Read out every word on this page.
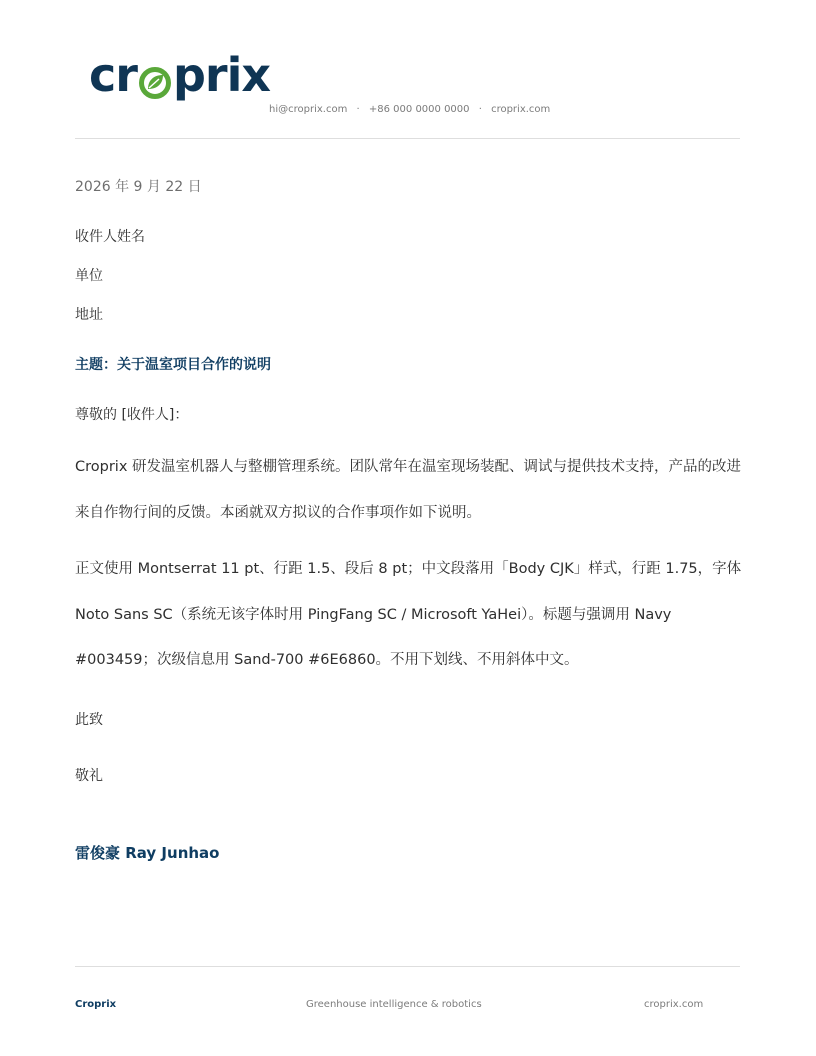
cr prix
hi@croprix.com · +86 000 0000 0000 · croprix.com
2026 年 9 月 22 日
收件人姓名
单位
地址
主题：关于温室项目合作的说明
尊敬的 [收件人]：

Croprix 研发温室机器人与整棚管理系统。团队常年在温室现场装配、调试与提供技术支持，产品的改进来自作物行间的反馈。本函就双方拟议的合作事项作如下说明。

正文使用 Montserrat 11 pt、行距 1.5、段后 8 pt；中文段落用「Body CJK」样式，行距 1.75，字体 Noto Sans SC（系统无该字体时用 PingFang SC / Microsoft YaHei）。标题与强调用 Navy #003459；次级信息用 Sand-700 #6E6860。不用下划线、不用斜体中文。

此致
敬礼
雷俊豪 Ray Junhao
Croprix	Greenhouse intelligence & robotics	croprix.com
